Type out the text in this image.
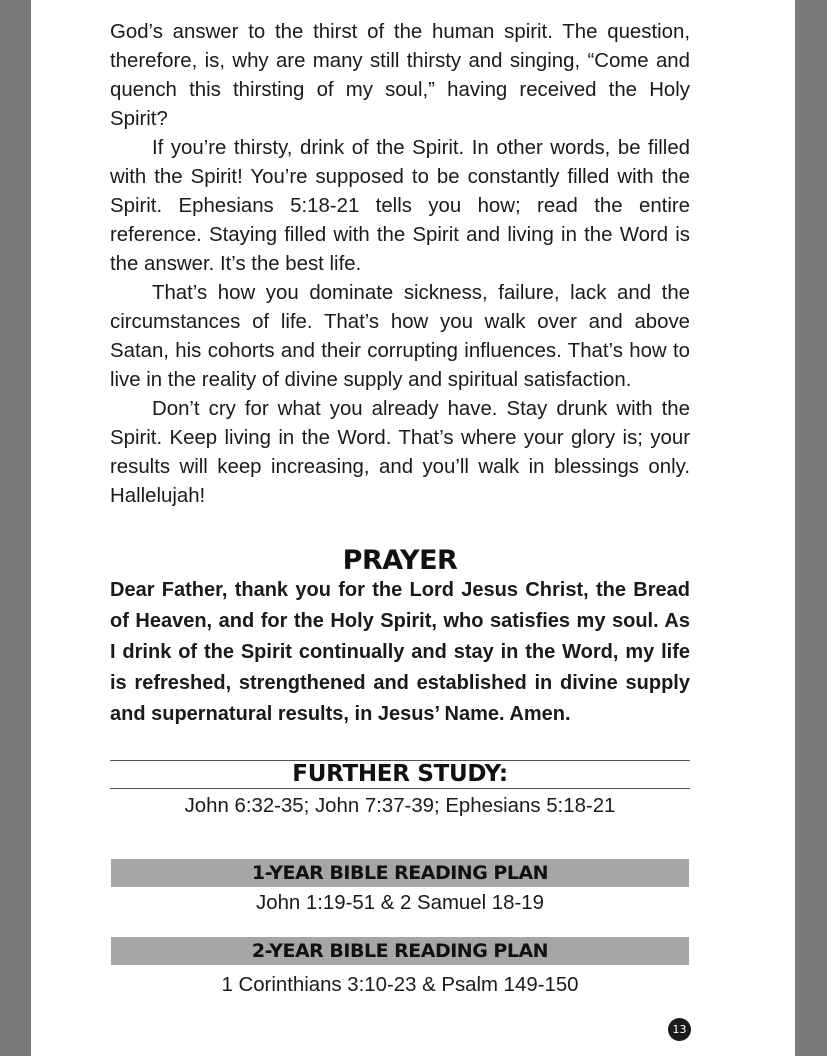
God’s answer to the thirst of the human spirit. The question, therefore, is, why are many still thirsty and singing, “Come and quench this thirsting of my soul,” having received the Holy Spirit?

If you’re thirsty, drink of the Spirit. In other words, be filled with the Spirit! You’re supposed to be constantly filled with the Spirit. Ephesians 5:18-21 tells you how; read the entire reference. Staying filled with the Spirit and living in the Word is the answer. It’s the best life.

That’s how you dominate sickness, failure, lack and the circumstances of life. That’s how you walk over and above Satan, his cohorts and their corrupting influences. That’s how to live in the reality of divine supply and spiritual satisfaction.

Don’t cry for what you already have. Stay drunk with the Spirit. Keep living in the Word. That’s where your glory is; your results will keep increasing, and you’ll walk in blessings only. Hallelujah!

PRAYER

Dear Father, thank you for the Lord Jesus Christ, the Bread of Heaven, and for the Holy Spirit, who satisfies my soul. As I drink of the Spirit continually and stay in the Word, my life is refreshed, strengthened and established in divine supply and supernatural results, in Jesus’ Name. Amen.

FURTHER STUDY:
John 6:32-35; John 7:37-39; Ephesians 5:18-21
1-YEAR BIBLE READING PLAN
John 1:19-51 & 2 Samuel 18-19
2-YEAR BIBLE READING PLAN
1 Corinthians 3:10-23 & Psalm 149-150
13
